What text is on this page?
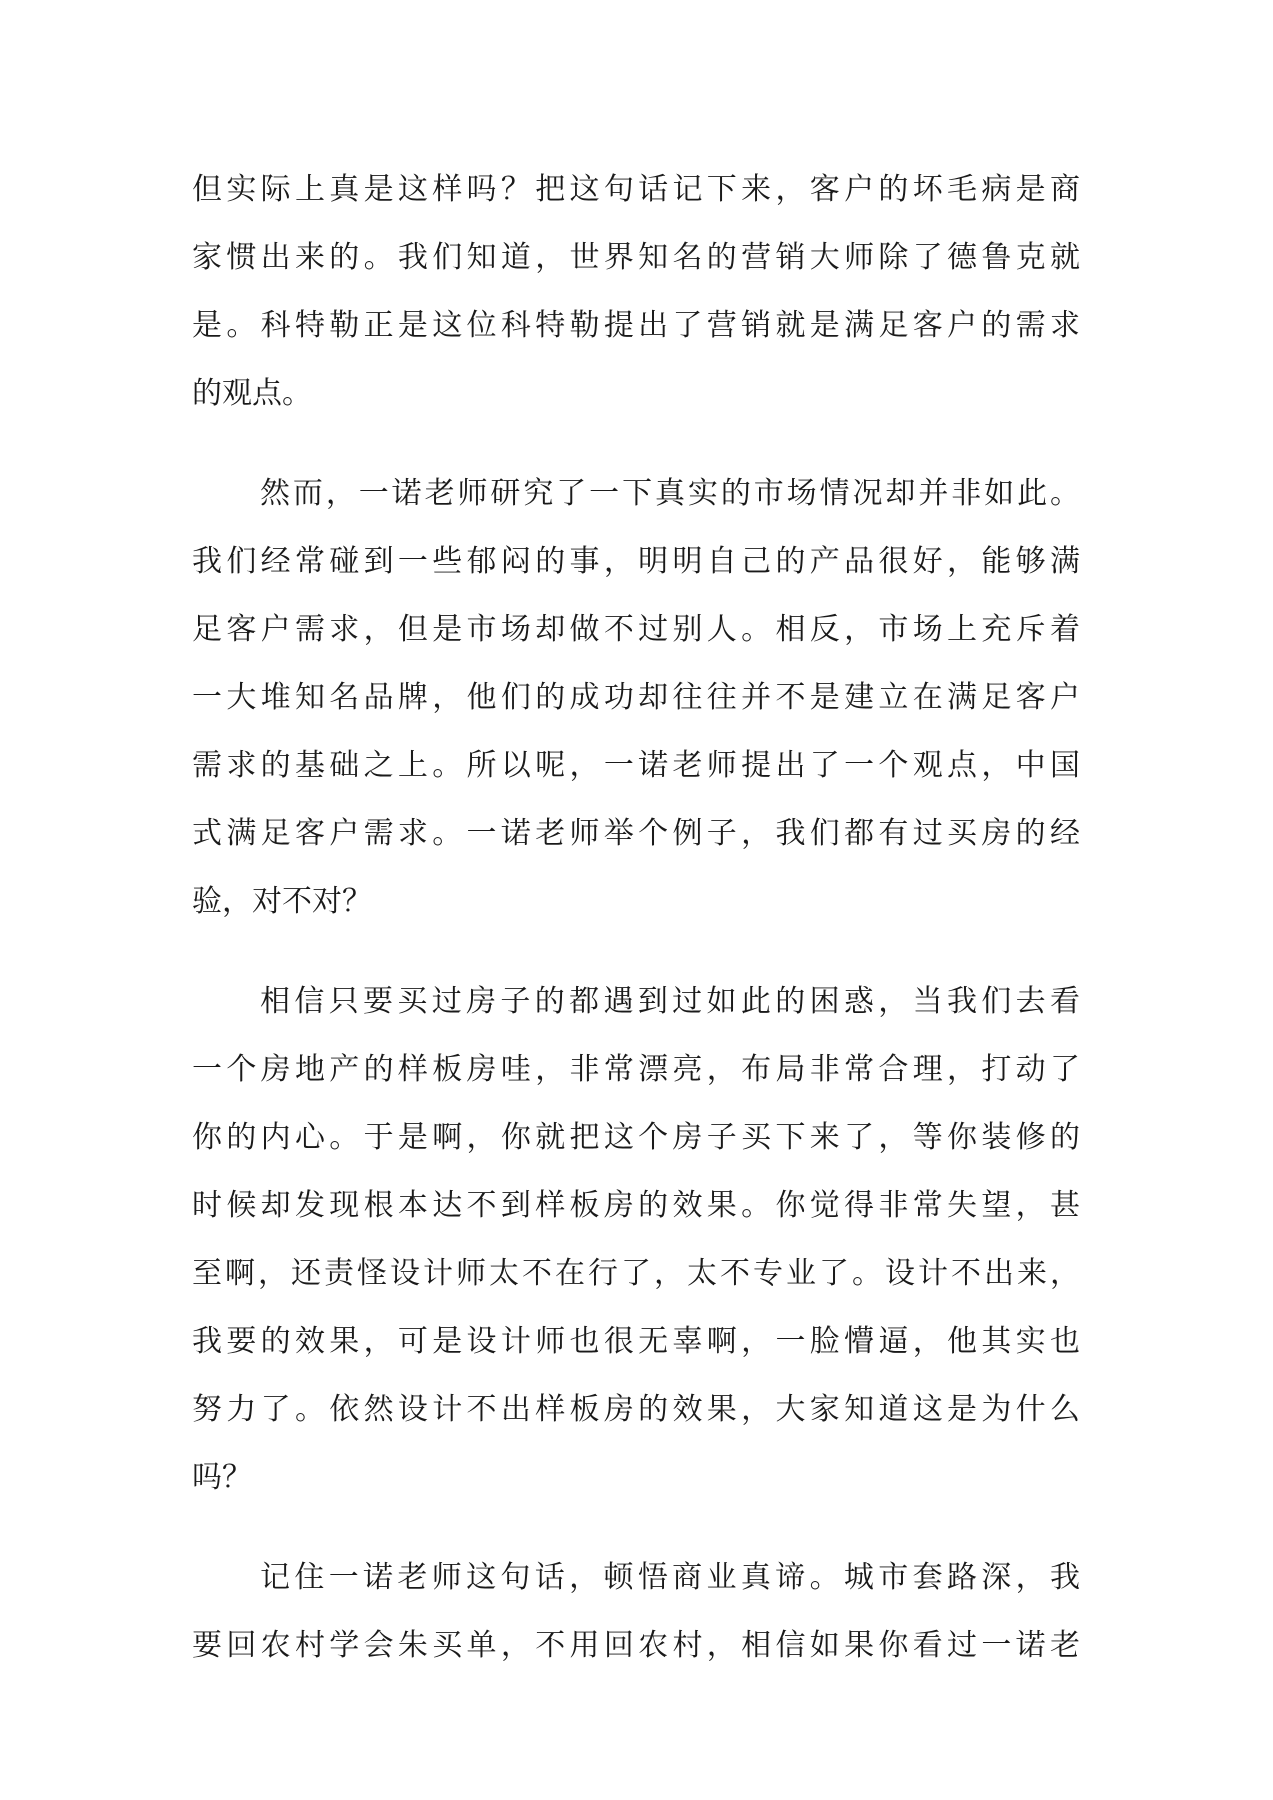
但实际上真是这样吗？把这句话记下来，客户的坏毛病是商
家惯出来的。我们知道，世界知名的营销大师除了德鲁克就
是。科特勒正是这位科特勒提出了营销就是满足客户的需求
的观点。
然而，一诺老师研究了一下真实的市场情况却并非如此。
我们经常碰到一些郁闷的事，明明自己的产品很好，能够满
足客户需求，但是市场却做不过别人。相反，市场上充斥着
一大堆知名品牌，他们的成功却往往并不是建立在满足客户
需求的基础之上。所以呢，一诺老师提出了一个观点，中国
式满足客户需求。一诺老师举个例子，我们都有过买房的经
验，对不对？
相信只要买过房子的都遇到过如此的困惑，当我们去看
一个房地产的样板房哇，非常漂亮，布局非常合理，打动了
你的内心。于是啊，你就把这个房子买下来了，等你装修的
时候却发现根本达不到样板房的效果。你觉得非常失望，甚
至啊，还责怪设计师太不在行了，太不专业了。设计不出来，
我要的效果，可是设计师也很无辜啊，一脸懵逼，他其实也
努力了。依然设计不出样板房的效果，大家知道这是为什么
吗？
记住一诺老师这句话，顿悟商业真谛。城市套路深，我
要回农村学会朱买单，不用回农村，相信如果你看过一诺老
